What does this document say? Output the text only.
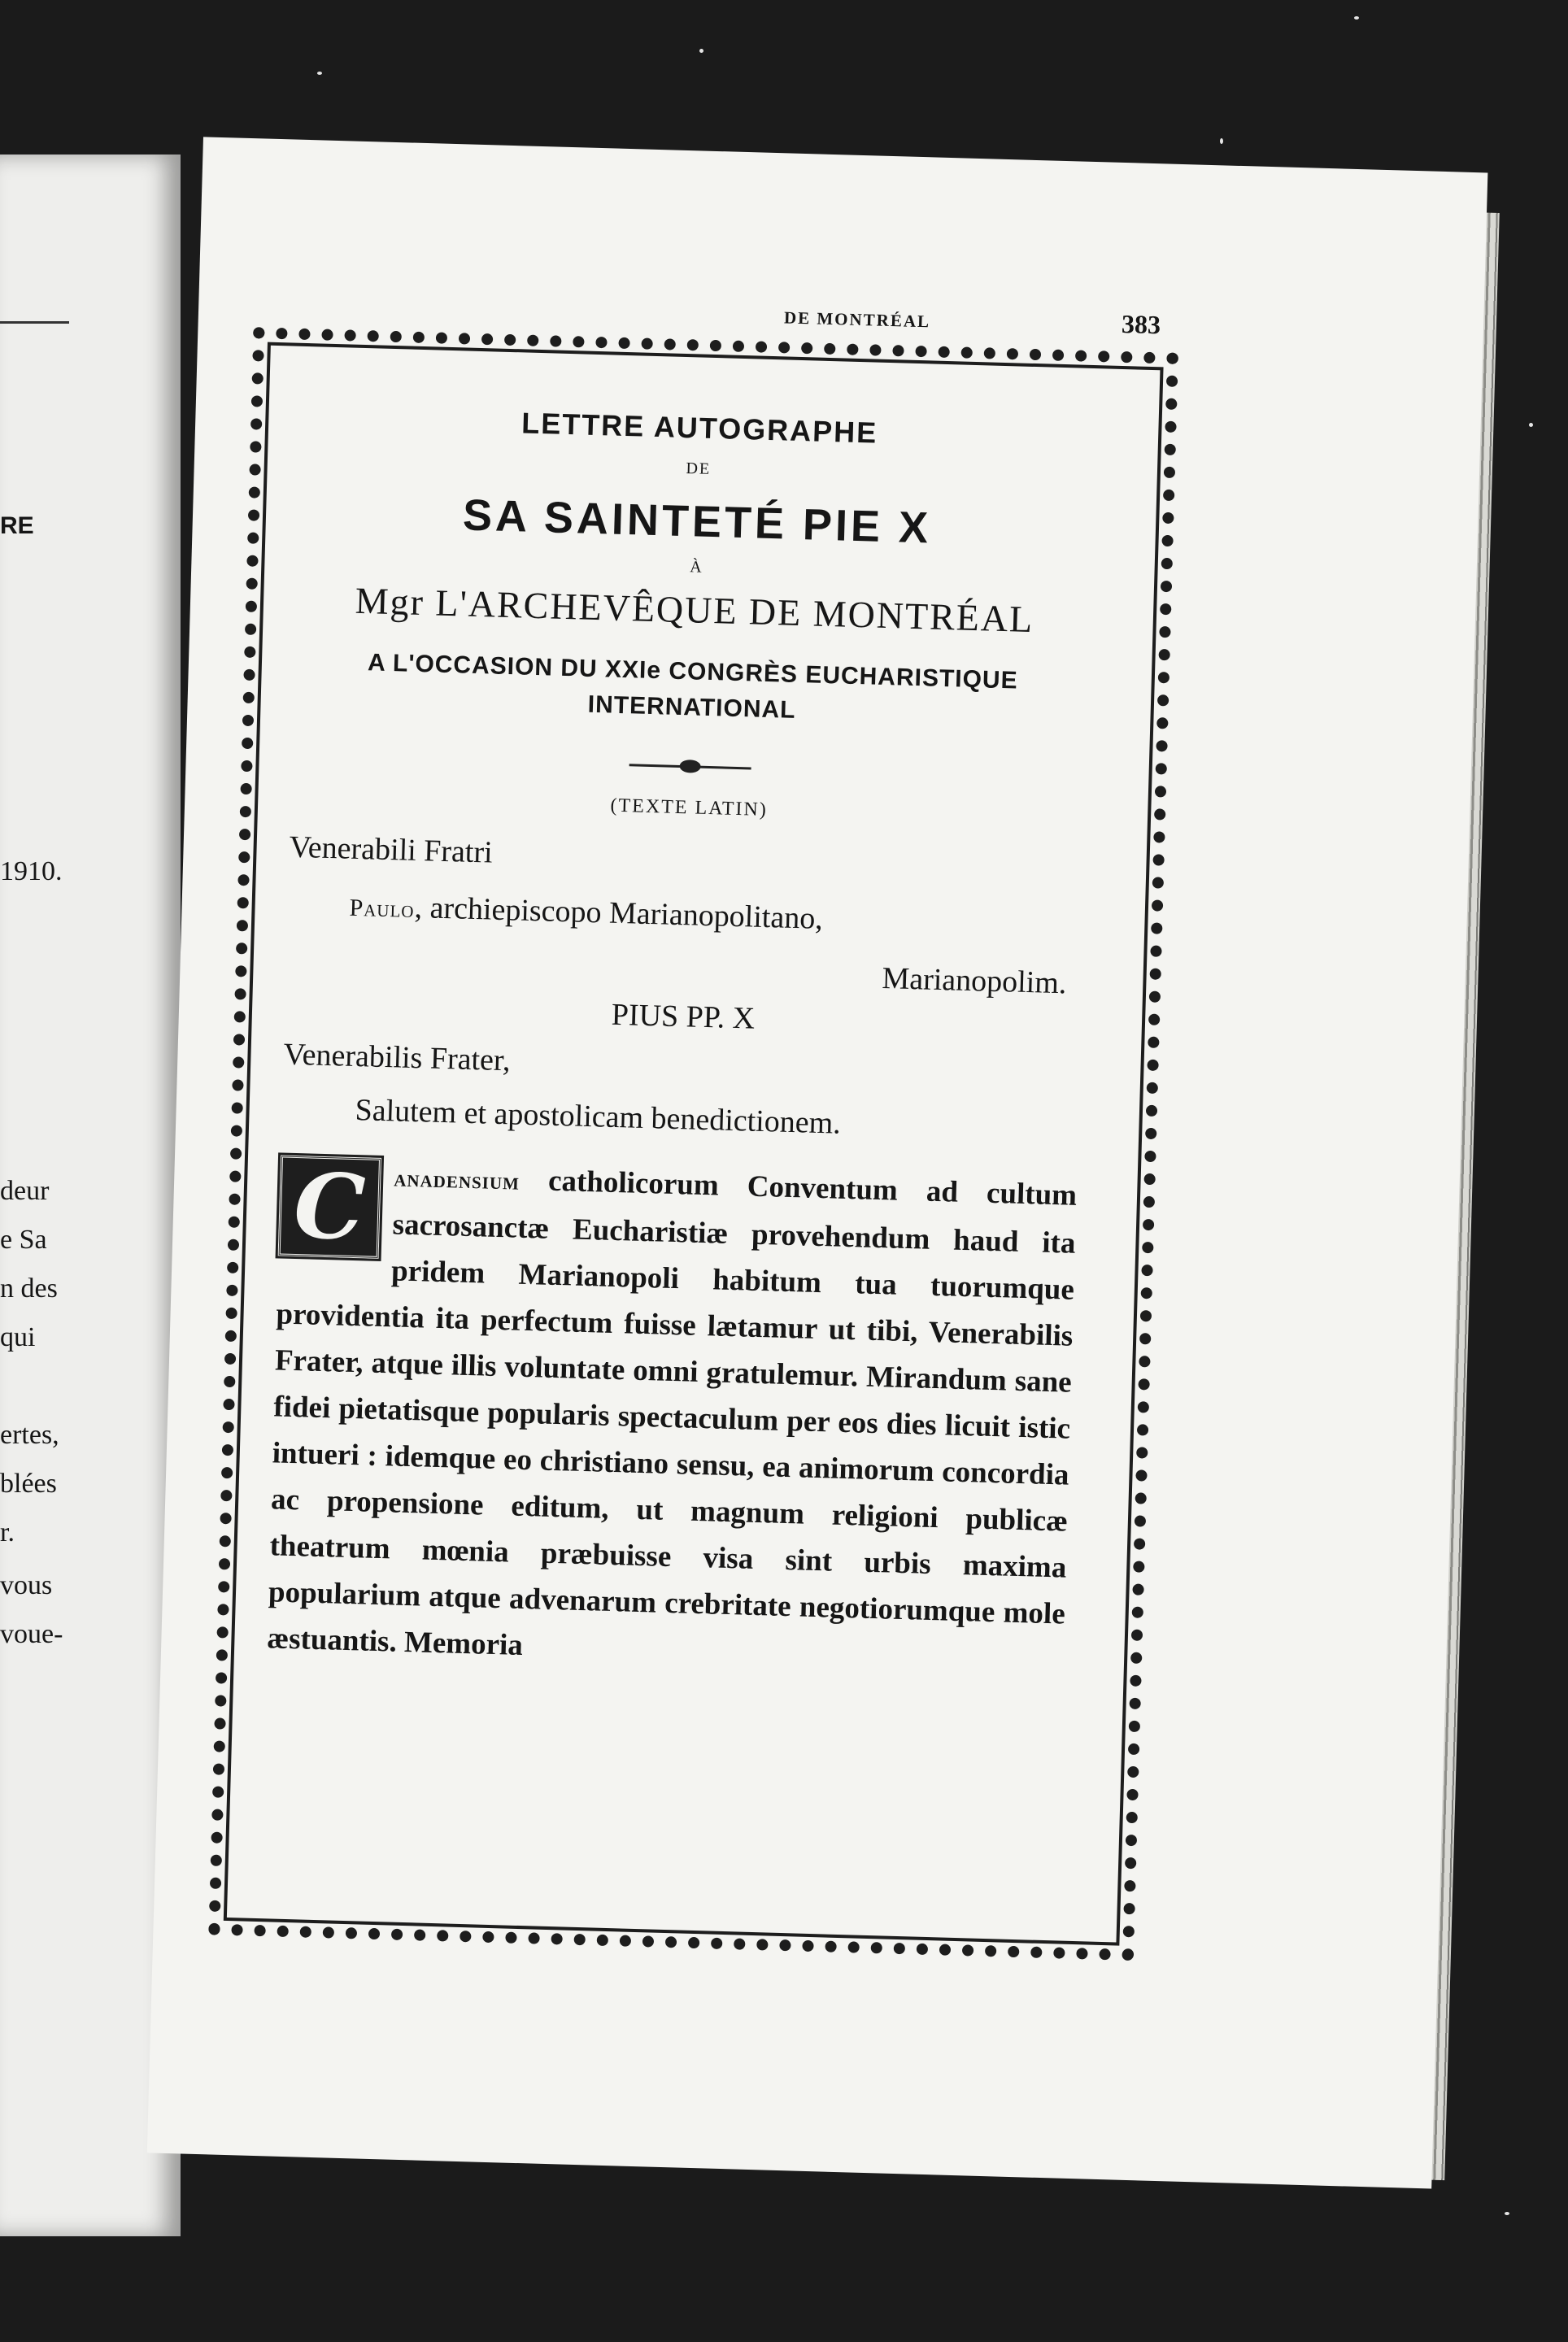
RE
1910.
deur
e Sa
n des
qui
ertes,
blées
r.
vous
voue-
DE MONTRÉAL	383
LETTRE AUTOGRAPHE
DE
SA SAINTETÉ PIE X
À
Mgr L'ARCHEVÊQUE DE MONTRÉAL
A L'OCCASION DU XXIe CONGRÈS EUCHARISTIQUE INTERNATIONAL
(TEXTE LATIN)
Venerabili Fratri
Paulo, archiepiscopo Marianopolitano,
Marianopolim.
PIUS PP. X
Venerabilis Frater,
Salutem et apostolicam benedictionem.
C	anadensium catholicorum Conventum ad cultum sacrosanctæ Eucharistiæ provehendum haud ita pridem Marianopoli habitum tua tuorumque providentia ita perfectum fuisse lætamur ut tibi, Venerabilis Frater, atque illis voluntate omni gratulemur. Mirandum sane fidei pietatisque popularis spectaculum per eos dies licuit istic intueri : idemque eo christiano sensu, ea animorum concordia ac propensione editum, ut magnum religioni publicæ theatrum mœnia præbuisse visa sint urbis maxima popularium atque advenarum crebritate negotiorumque mole æstuantis. Memoria
